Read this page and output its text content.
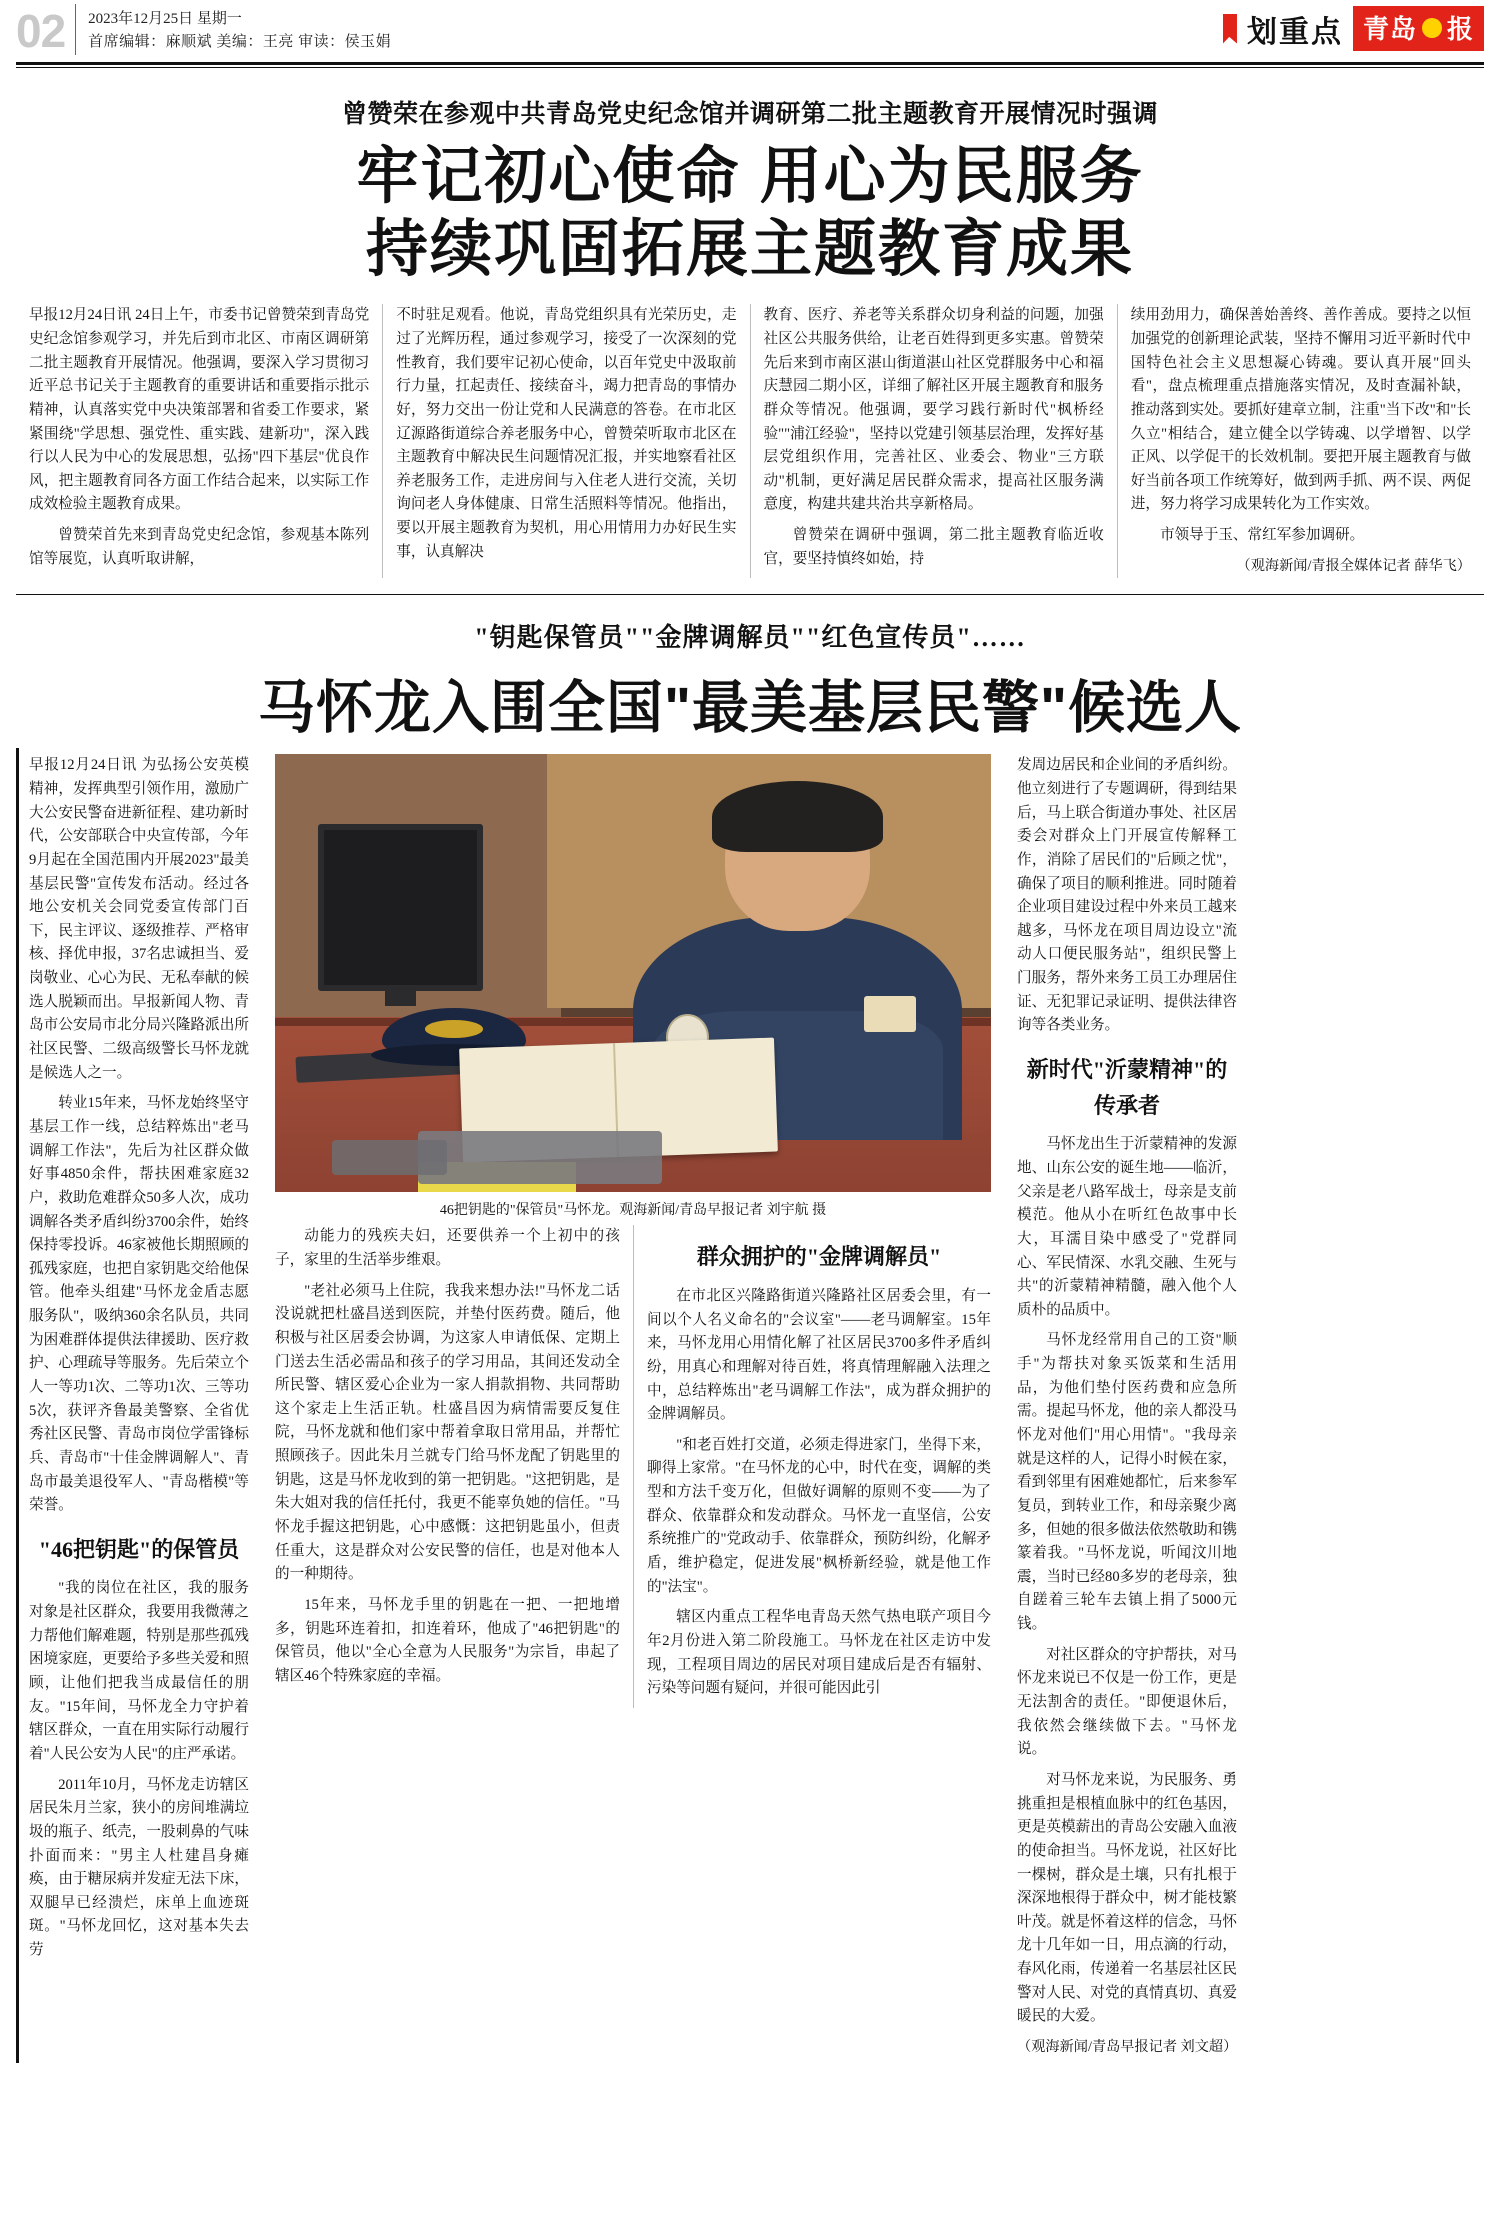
02 2023年12月25日 星期一
首席编辑：麻顺斌 美编：王亮 审读：侯玉娟	划重点 青岛 报
曾赞荣在参观中共青岛党史纪念馆并调研第二批主题教育开展情况时强调
牢记初心使命 用心为民服务
持续巩固拓展主题教育成果

早报12月24日讯 24日上午，市委书记曾赞荣到青岛党史纪念馆参观学习，并先后到市北区、市南区调研第二批主题教育开展情况。他强调，要深入学习贯彻习近平总书记关于主题教育的重要讲话和重要指示批示精神，认真落实党中央决策部署和省委工作要求，紧紧围绕"学思想、强党性、重实践、建新功"，深入践行以人民为中心的发展思想，弘扬"四下基层"优良作风，把主题教育同各方面工作结合起来，以实际工作成效检验主题教育成果。

曾赞荣首先来到青岛党史纪念馆，参观基本陈列馆等展览，认真听取讲解，

不时驻足观看。他说，青岛党组织具有光荣历史，走过了光辉历程，通过参观学习，接受了一次深刻的党性教育，我们要牢记初心使命，以百年党史中汲取前行力量，扛起责任、接续奋斗，竭力把青岛的事情办好，努力交出一份让党和人民满意的答卷。在市北区辽源路街道综合养老服务中心，曾赞荣听取市北区在主题教育中解决民生问题情况汇报，并实地察看社区养老服务工作，走进房间与入住老人进行交流，关切询问老人身体健康、日常生活照料等情况。他指出，要以开展主题教育为契机，用心用情用力办好民生实事，认真解决

教育、医疗、养老等关系群众切身利益的问题，加强社区公共服务供给，让老百姓得到更多实惠。曾赞荣先后来到市南区湛山街道湛山社区党群服务中心和福庆慧园二期小区，详细了解社区开展主题教育和服务群众等情况。他强调，要学习践行新时代"枫桥经验""浦江经验"，坚持以党建引领基层治理，发挥好基层党组织作用，完善社区、业委会、物业"三方联动"机制，更好满足居民群众需求，提高社区服务满意度，构建共建共治共享新格局。

曾赞荣在调研中强调，第二批主题教育临近收官，要坚持慎终如始，持

续用劲用力，确保善始善终、善作善成。要持之以恒加强党的创新理论武装，坚持不懈用习近平新时代中国特色社会主义思想凝心铸魂。要认真开展"回头看"，盘点梳理重点措施落实情况，及时查漏补缺，推动落到实处。要抓好建章立制，注重"当下改"和"长久立"相结合，建立健全以学铸魂、以学增智、以学正风、以学促干的长效机制。要把开展主题教育与做好当前各项工作统筹好，做到两手抓、两不误、两促进，努力将学习成果转化为工作实效。

市领导于玉、常红军参加调研。

（观海新闻/青报全媒体记者 薛华飞）
"钥匙保管员""金牌调解员""红色宣传员"……
马怀龙入围全国"最美基层民警"候选人

早报12月24日讯 为弘扬公安英模精神，发挥典型引领作用，激励广大公安民警奋进新征程、建功新时代，公安部联合中央宣传部，今年9月起在全国范围内开展2023"最美基层民警"宣传发布活动。经过各地公安机关会同党委宣传部门百下，民主评议、逐级推荐、严格审核、择优申报，37名忠诚担当、爱岗敬业、心心为民、无私奉献的候选人脱颖而出。早报新闻人物、青岛市公安局市北分局兴隆路派出所社区民警、二级高级警长马怀龙就是候选人之一。

转业15年来，马怀龙始终坚守基层工作一线，总结粹炼出"老马调解工作法"，先后为社区群众做好事4850余件，帮扶困难家庭32户，救助危难群众50多人次，成功调解各类矛盾纠纷3700余件，始终保持零投诉。46家被他长期照顾的孤残家庭，也把自家钥匙交给他保管。他牵头组建"马怀龙金盾志愿服务队"，吸纳360余名队员，共同为困难群体提供法律援助、医疗救护、心理疏导等服务。先后荣立个人一等功1次、二等功1次、三等功5次，获评齐鲁最美警察、全省优秀社区民警、青岛市岗位学雷锋标兵、青岛市"十佳金牌调解人"、青岛市最美退役军人、"青岛楷模"等荣誉。

"46把钥匙"的保管员

"我的岗位在社区，我的服务对象是社区群众，我要用我微薄之力帮他们解难题，特别是那些孤残困境家庭，更要给予多些关爱和照顾，让他们把我当成最信任的朋友。"15年间，马怀龙全力守护着辖区群众，一直在用实际行动履行着"人民公安为人民"的庄严承诺。

2011年10月，马怀龙走访辖区居民朱月兰家，狭小的房间堆满垃圾的瓶子、纸壳，一股刺鼻的气味扑面而来："男主人杜建昌身瘫痪，由于糖尿病并发症无法下床，双腿早已经溃烂，床单上血迹斑斑。"马怀龙回忆，这对基本失去劳

46把钥匙的"保管员"马怀龙。观海新闻/青岛早报记者 刘宇航 摄

动能力的残疾夫妇，还要供养一个上初中的孩子，家里的生活举步维艰。

"老社必须马上住院，我我来想办法!"马怀龙二话没说就把杜盛昌送到医院，并垫付医药费。随后，他积极与社区居委会协调，为这家人申请低保、定期上门送去生活必需品和孩子的学习用品，其间还发动全所民警、辖区爱心企业为一家人捐款捐物、共同帮助这个家走上生活正轨。杜盛昌因为病情需要反复住院，马怀龙就和他们家中帮着拿取日常用品，并帮忙照顾孩子。因此朱月兰就专门给马怀龙配了钥匙里的钥匙，这是马怀龙收到的第一把钥匙。"这把钥匙，是朱大姐对我的信任托付，我更不能辜负她的信任。"马怀龙手握这把钥匙，心中感慨：这把钥匙虽小，但责任重大，这是群众对公安民警的信任，也是对他本人的一种期待。

15年来，马怀龙手里的钥匙在一把、一把地增多，钥匙环连着扣，扣连着环，他成了"46把钥匙"的保管员，他以"全心全意为人民服务"为宗旨，串起了辖区46个特殊家庭的幸福。

群众拥护的"金牌调解员"

在市北区兴隆路街道兴隆路社区居委会里，有一间以个人名义命名的"会议室"——老马调解室。15年来，马怀龙用心用情化解了社区居民3700多件矛盾纠纷，用真心和理解对待百姓，将真情理解融入法理之中，总结粹炼出"老马调解工作法"，成为群众拥护的金牌调解员。

"和老百姓打交道，必须走得进家门，坐得下来，聊得上家常。"在马怀龙的心中，时代在变，调解的类型和方法千变万化，但做好调解的原则不变——为了群众、依靠群众和发动群众。马怀龙一直坚信，公安系统推广的"党政动手、依靠群众，预防纠纷，化解矛盾，维护稳定，促进发展"枫桥新经验，就是他工作的"法宝"。

辖区内重点工程华电青岛天然气热电联产项目今年2月份进入第二阶段施工。马怀龙在社区走访中发现，工程项目周边的居民对项目建成后是否有辐射、污染等问题有疑问，并很可能因此引

发周边居民和企业间的矛盾纠纷。他立刻进行了专题调研，得到结果后，马上联合街道办事处、社区居委会对群众上门开展宣传解释工作，消除了居民们的"后顾之忧"，确保了项目的顺利推进。同时随着企业项目建设过程中外来员工越来越多，马怀龙在项目周边设立"流动人口便民服务站"，组织民警上门服务，帮外来务工员工办理居住证、无犯罪记录证明、提供法律咨询等各类业务。

新时代"沂蒙精神"的传承者

马怀龙出生于沂蒙精神的发源地、山东公安的诞生地——临沂，父亲是老八路军战士，母亲是支前模范。他从小在听红色故事中长大，耳濡目染中感受了"党群同心、军民情深、水乳交融、生死与共"的沂蒙精神精髓，融入他个人质朴的品质中。

马怀龙经常用自己的工资"顺手"为帮扶对象买饭菜和生活用品，为他们垫付医药费和应急所需。提起马怀龙，他的亲人都没马怀龙对他们"用心用情"。"我母亲就是这样的人，记得小时候在家，看到邻里有困难她都忙，后来参军复员，到转业工作，和母亲聚少离多，但她的很多做法依然敬助和镌篆着我。"马怀龙说，听闻汶川地震，当时已经80多岁的老母亲，独自蹉着三轮车去镇上捐了5000元钱。

对社区群众的守护帮扶，对马怀龙来说已不仅是一份工作，更是无法割舍的责任。"即便退休后，我依然会继续做下去。"马怀龙说。

对马怀龙来说，为民服务、勇挑重担是根植血脉中的红色基因，更是英模薪出的青岛公安融入血液的使命担当。马怀龙说，社区好比一棵树，群众是土壤，只有扎根于深深地根得于群众中，树才能枝繁叶茂。就是怀着这样的信念，马怀龙十几年如一日，用点滴的行动，春风化雨，传递着一名基层社区民警对人民、对党的真情真切、真爱暖民的大爱。

（观海新闻/青岛早报记者 刘文超）
